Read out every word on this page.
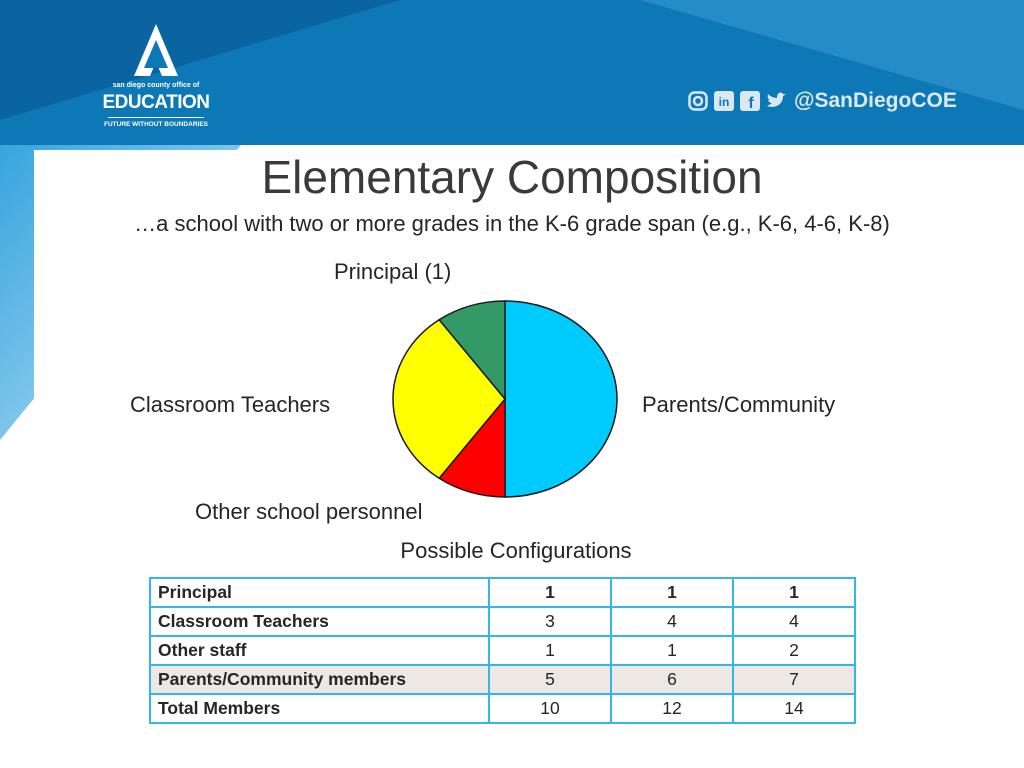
san diego county office of
EDUCATION
FUTURE WITHOUT BOUNDARIES
in f @SanDiegoCOE
Elementary Composition
…a school with two or more grades in the K-6 grade span (e.g., K-6, 4-6, K-8)
Principal (1)
Classroom Teachers	Parents/Community
Other school personnel
Possible Configurations
Principal	1	1	1
Classroom Teachers	3	4	4
Other staff	1	1	2
Parents/Community members	5	6	7
Total Members	10	12	14
